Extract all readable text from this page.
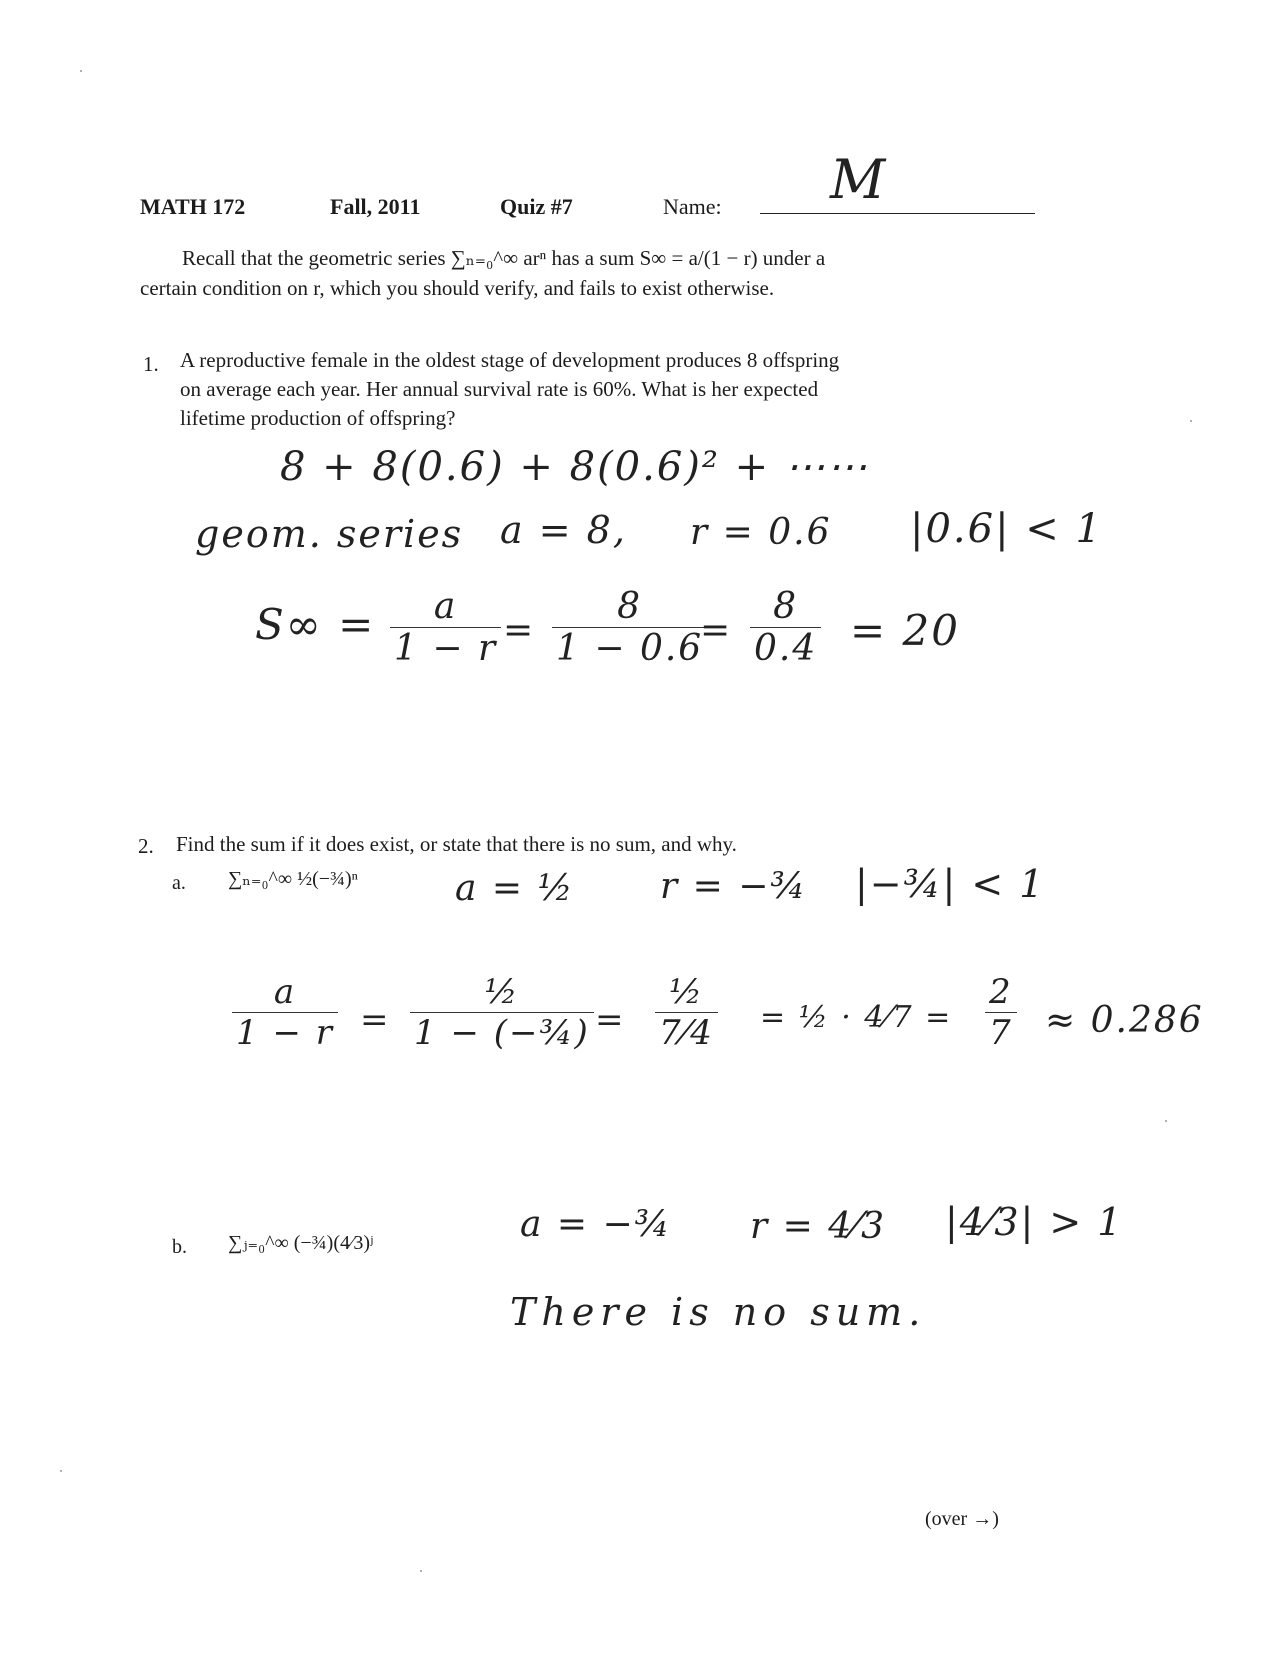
MATH 172	Fall, 2011	Quiz #7	Name: M
Recall that the geometric series ∑ₙ₌₀^∞ arⁿ has a sum S∞ = a/(1 − r) under a
certain condition on r, which you should verify, and fails to exist otherwise.
1. A reproductive female in the oldest stage of development produces 8 offspring
on average each year. Her annual survival rate is 60%. What is her expected
lifetime production of offspring?
8 + 8(0.6) + 8(0.6)² + ⋯⋯
geom. series a = 8, r = 0.6 |0.6| < 1
$S\infty = \frac{a}{1 - r} = \frac{8}{1 - 0.6}$
= $\frac{8}{0.4} = 20$
2. Find the sum if it does exist, or state that there is no sum, and why.
a. ∑ₙ₌₀^∞ ½(−¾)ⁿ	a = ½ r = −¾ |−¾| < 1
$\frac{a}{1 - r}$ =
½
1 − (−¾) =
½
7⁄4 = ½ · 4⁄7 = $\frac{2}{7} \approx 0.286$
b. ∑ⱼ₌₀^∞ (−¾)(4⁄3)ʲ	a = −¾ r = 4⁄3 |4⁄3| > 1
There is no sum.
(over →)
